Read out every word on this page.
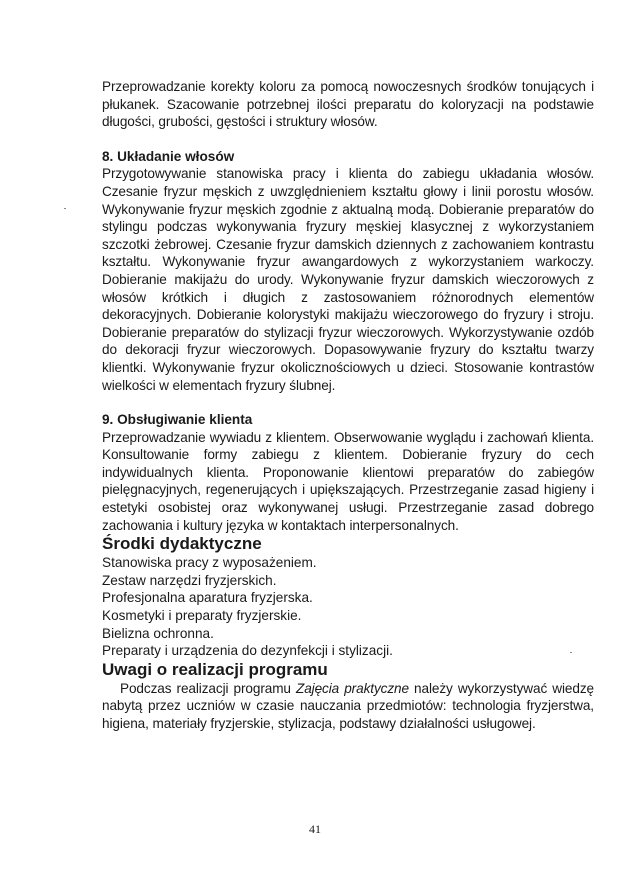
Przeprowadzanie korekty koloru za pomocą nowoczesnych środków tonujących i płukanek. Szacowanie potrzebnej ilości preparatu do koloryzacji na podstawie długości, grubości, gęstości i struktury włosów.

8. Układanie włosów

Przygotowywanie stanowiska pracy i klienta do zabiegu układania włosów. Czesanie fryzur męskich z uwzględnieniem kształtu głowy i linii porostu włosów. Wykonywanie fryzur męskich zgodnie z aktualną modą. Dobieranie preparatów do stylingu podczas wykonywania fryzury męskiej klasycznej z wykorzystaniem szczotki żebrowej. Czesanie fryzur damskich dziennych z zachowaniem kontrastu kształtu. Wykonywanie fryzur awangardowych z wykorzystaniem warkoczy. Dobieranie makijażu do urody. Wykonywanie fryzur damskich wieczorowych z włosów krótkich i długich z zastosowaniem różnorodnych elementów dekoracyjnych. Dobieranie kolorystyki makijażu wieczorowego do fryzury i stroju. Dobieranie preparatów do stylizacji fryzur wieczorowych. Wykorzystywanie ozdób do dekoracji fryzur wieczorowych. Dopasowywanie fryzury do kształtu twarzy klientki. Wykonywanie fryzur okolicznościowych u dzieci. Stosowanie kontrastów wielkości w elementach fryzury ślubnej.

9. Obsługiwanie klienta

Przeprowadzanie wywiadu z klientem. Obserwowanie wyglądu i zachowań klienta. Konsultowanie formy zabiegu z klientem. Dobieranie fryzury do cech indywidualnych klienta. Proponowanie klientowi preparatów do zabiegów pielęgnacyjnych, regenerujących i upiększających. Przestrzeganie zasad higieny i estetyki osobistej oraz wykonywanej usługi. Przestrzeganie zasad dobrego zachowania i kultury języka w kontaktach interpersonalnych.

Środki dydaktyczne

Stanowiska pracy z wyposażeniem.
Zestaw narzędzi fryzjerskich.
Profesjonalna aparatura fryzjerska.
Kosmetyki i preparaty fryzjerskie.
Bielizna ochronna.
Preparaty i urządzenia do dezynfekcji i stylizacji.

Uwagi o realizacji programu

Podczas realizacji programu Zajęcia praktyczne należy wykorzystywać wiedzę nabytą przez uczniów w czasie nauczania przedmiotów: technologia fryzjerstwa, higiena, materiały fryzjerskie, stylizacja, podstawy działalności usługowej.

41
